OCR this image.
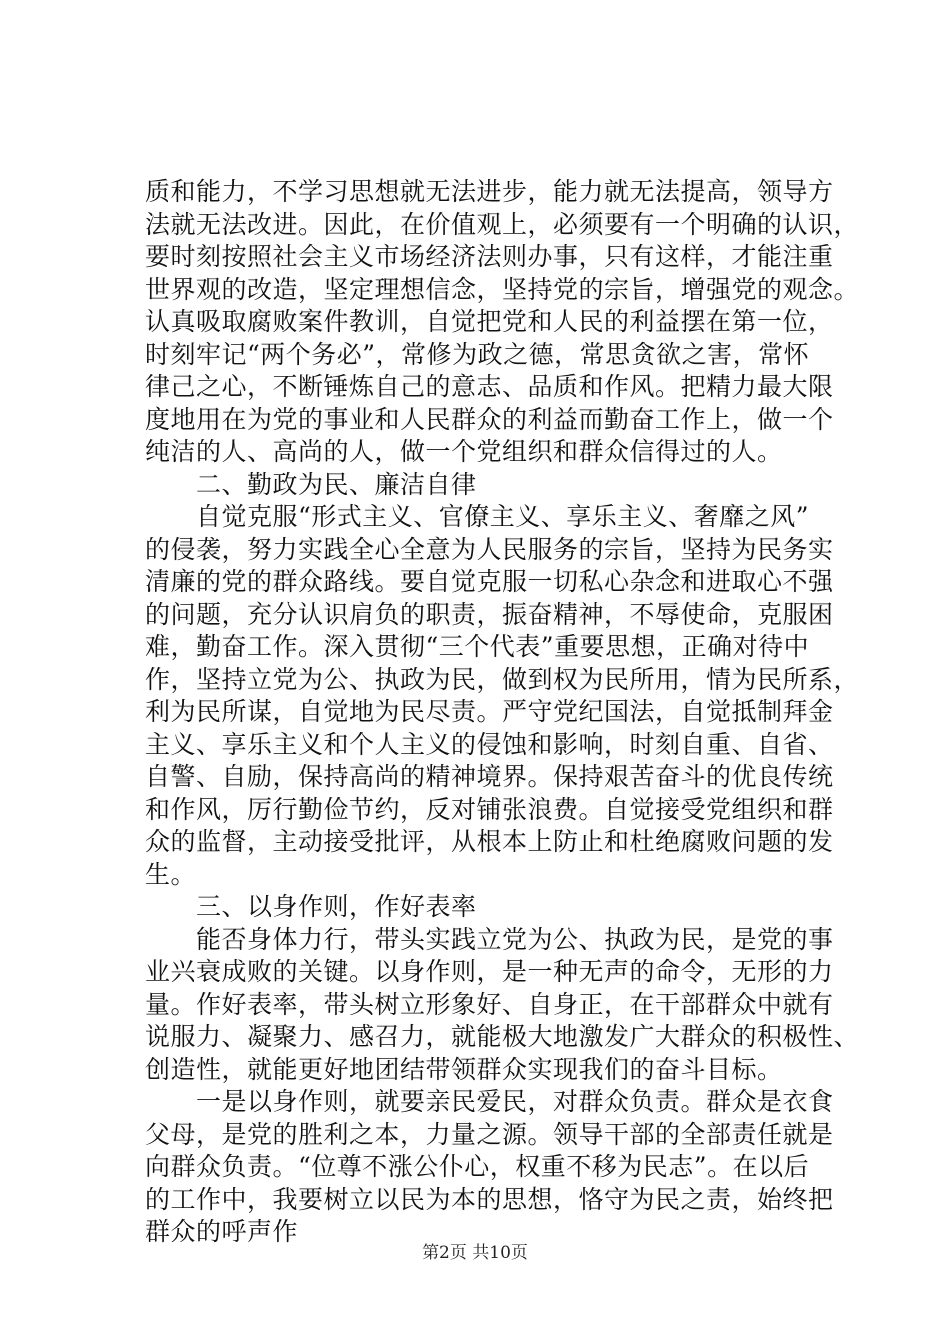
质和能力，不学习思想就无法进步，能力就无法提高，领导方
法就无法改进。因此，在价值观上，必须要有一个明确的认识，
要时刻按照社会主义市场经济法则办事，只有这样，才能注重
世界观的改造，坚定理想信念，坚持党的宗旨，增强党的观念。
认真吸取腐败案件教训，自觉把党和人民的利益摆在第一位，
时刻牢记“两个务必”，常修为政之德，常思贪欲之害，常怀
律己之心，不断锤炼自己的意志、品质和作风。把精力最大限
度地用在为党的事业和人民群众的利益而勤奋工作上，做一个
纯洁的人、高尚的人，做一个党组织和群众信得过的人。
　　二、勤政为民、廉洁自律
　　自觉克服“形式主义、官僚主义、享乐主义、奢靡之风”
的侵袭，努力实践全心全意为人民服务的宗旨，坚持为民务实
清廉的党的群众路线。要自觉克服一切私心杂念和进取心不强
的问题，充分认识肩负的职责，振奋精神，不辱使命，克服困
难，勤奋工作。深入贯彻“三个代表”重要思想，正确对待中
作，坚持立党为公、执政为民，做到权为民所用，情为民所系，
利为民所谋，自觉地为民尽责。严守党纪国法，自觉抵制拜金
主义、享乐主义和个人主义的侵蚀和影响，时刻自重、自省、
自警、自励，保持高尚的精神境界。保持艰苦奋斗的优良传统
和作风，厉行勤俭节约，反对铺张浪费。自觉接受党组织和群
众的监督，主动接受批评，从根本上防止和杜绝腐败问题的发
生。
　　三、以身作则，作好表率
　　能否身体力行，带头实践立党为公、执政为民，是党的事
业兴衰成败的关键。以身作则，是一种无声的命令，无形的力
量。作好表率，带头树立形象好、自身正，在干部群众中就有
说服力、凝聚力、感召力，就能极大地激发广大群众的积极性、
创造性，就能更好地团结带领群众实现我们的奋斗目标。
　　一是以身作则，就要亲民爱民，对群众负责。群众是衣食
父母，是党的胜利之本，力量之源。领导干部的全部责任就是
向群众负责。“位尊不涨公仆心，权重不移为民志”。在以后
的工作中，我要树立以民为本的思想，恪守为民之责，始终把
群众的呼声作
第2页 共10页
